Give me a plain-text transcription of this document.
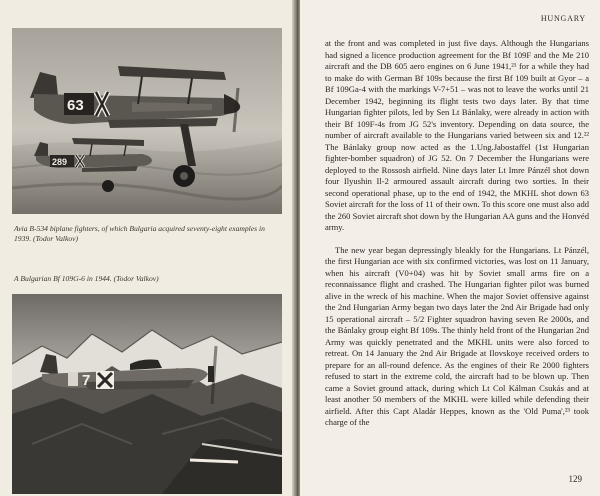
63
289
Avia B-534 biplane fighters, of which Bulgaria acquired seventy-eight examples in 1939. (Todor Valkov)
A Bulgarian Bf 109G-6 in 1944. (Todor Valkov)
7
HUNGARY

at the front and was completed in just five days. Although the Hungarians had signed a licence production agreement for the Bf 109F and the Me 210 aircraft and the DB 605 aero engines on 6 June 1941,²¹ for a while they had to make do with German Bf 109s because the first Bf 109 built at Gyor – a Bf 109Ga-4 with the markings V-7+51 – was not to leave the works until 21 December 1942, beginning its flight tests two days later. By that time Hungarian fighter pilots, led by Sen Lt Bánlaky, were already in action with their Bf 109F-4s from JG 52's inventory. Depending on data source, the number of aircraft available to the Hungarians varied between six and 12.²² The Bánlaky group now acted as the 1.Ung.Jabostaffel (1st Hungarian fighter-bomber squadron) of JG 52. On 7 December the Hungarians were deployed to the Rossosh airfield. Nine days later Lt Imre Pánzél shot down four Ilyushin Il-2 armoured assault aircraft during two sorties. In their second operational phase, up to the end of 1942, the MKHL shot down 63 Soviet aircraft for the loss of 11 of their own. To this score one must also add the 260 Soviet aircraft shot down by the Hungarian AA guns and the Honvéd army.

The new year began depressingly bleakly for the Hungarians. Lt Pánzél, the first Hungarian ace with six confirmed victories, was lost on 11 January, when his aircraft (V0+04) was hit by Soviet small arms fire on a reconnaissance flight and crashed. The Hungarian fighter pilot was burned alive in the wreck of his machine. When the major Soviet offensive against the 2nd Hungarian Army began two days later the 2nd Air Brigade had only 15 operational aircraft – 5/2 Fighter squadron having seven Re 2000s, and the Bánlaky group eight Bf 109s. The thinly held front of the Hungarian 2nd Army was quickly penetrated and the MKHL units were also forced to retreat. On 14 January the 2nd Air Brigade at Ilovskoye received orders to prepare for an all-round defence. As the engines of their Re 2000 fighters refused to start in the extreme cold, the aircraft had to be blown up. Then came a Soviet ground attack, during which Lt Col Kálman Csukás and at least another 50 members of the MKHL were killed while defending their airfield. After this Capt Aladár Heppes, known as the 'Old Puma',²³ took charge of the

129
